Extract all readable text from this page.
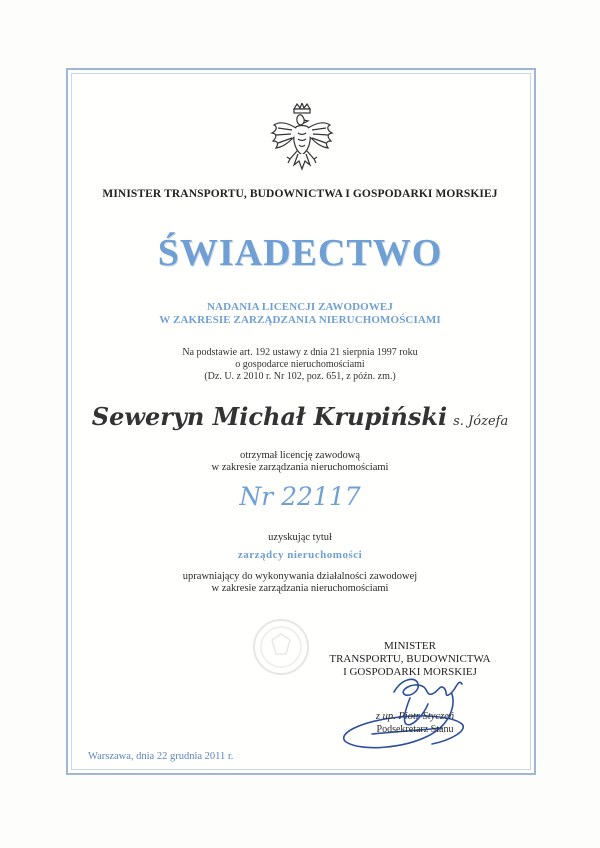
MINISTER TRANSPORTU, BUDOWNICTWA I GOSPODARKI MORSKIEJ
ŚWIADECTWO
NADANIA LICENCJI ZAWODOWEJ
W ZAKRESIE ZARZĄDZANIA NIERUCHOMOŚCIAMI
Na podstawie art. 192 ustawy z dnia 21 sierpnia 1997 roku
o gospodarce nieruchomościami
(Dz. U. z 2010 r. Nr 102, poz. 651, z późn. zm.)
Seweryn Michał Krupiński s. Józefa
otrzymał licencję zawodową
w zakresie zarządzania nieruchomościami
Nr 22117
uzyskując tytuł
zarządcy nieruchomości
uprawniający do wykonywania działalności zawodowej
w zakresie zarządzania nieruchomościami
MINISTER
TRANSPORTU, BUDOWNICTWA
I GOSPODARKI MORSKIEJ
z up. Piotr Styczeń
Podsekretarz Stanu
Warszawa, dnia 22 grudnia 2011 r.
